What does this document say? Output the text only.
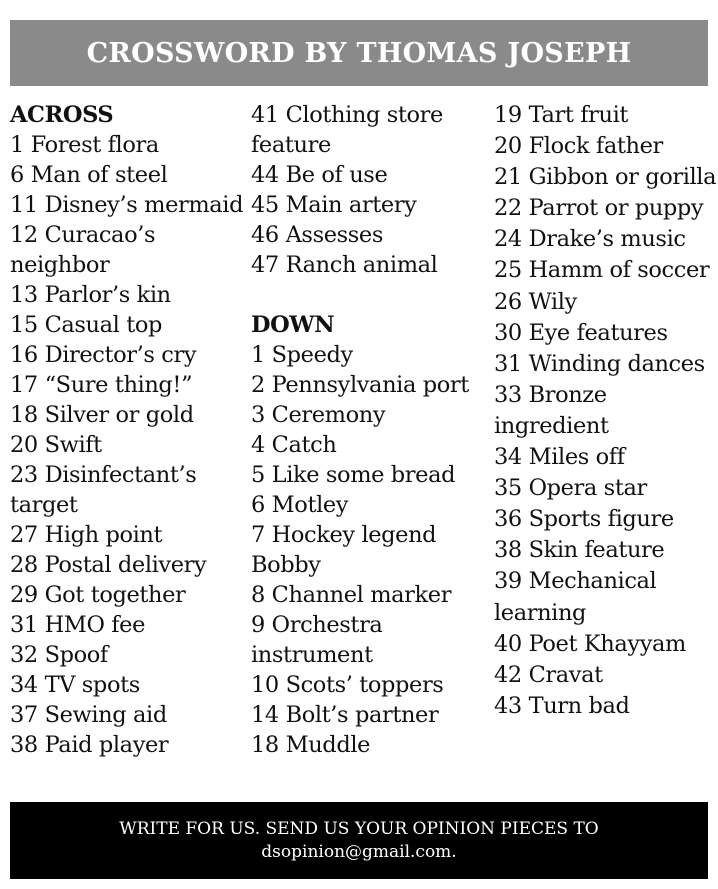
CROSSWORD BY THOMAS JOSEPH
ACROSS
1 Forest flora
6 Man of steel
11 Disney’s mermaid
12 Curacao’s neighbor
13 Parlor’s kin
15 Casual top
16 Director’s cry
17 “Sure thing!”
18 Silver or gold
20 Swift
23 Disinfectant’s target
27 High point
28 Postal delivery
29 Got together
31 HMO fee
32 Spoof
34 TV spots
37 Sewing aid
38 Paid player
41 Clothing store feature
44 Be of use
45 Main artery
46 Assesses
47 Ranch animal
DOWN
1 Speedy
2 Pennsylvania port
3 Ceremony
4 Catch
5 Like some bread
6 Motley
7 Hockey legend Bobby
8 Channel marker
9 Orchestra instrument
10 Scots’ toppers
14 Bolt’s partner
18 Muddle
19 Tart fruit
20 Flock father
21 Gibbon or gorilla
22 Parrot or puppy
24 Drake’s music
25 Hamm of soccer
26 Wily
30 Eye features
31 Winding dances
33 Bronze ingredient
34 Miles off
35 Opera star
36 Sports figure
38 Skin feature
39 Mechanical learning
40 Poet Khayyam
42 Cravat
43 Turn bad
WRITE FOR US. SEND US YOUR OPINION PIECES TO
dsopinion@gmail.com.
